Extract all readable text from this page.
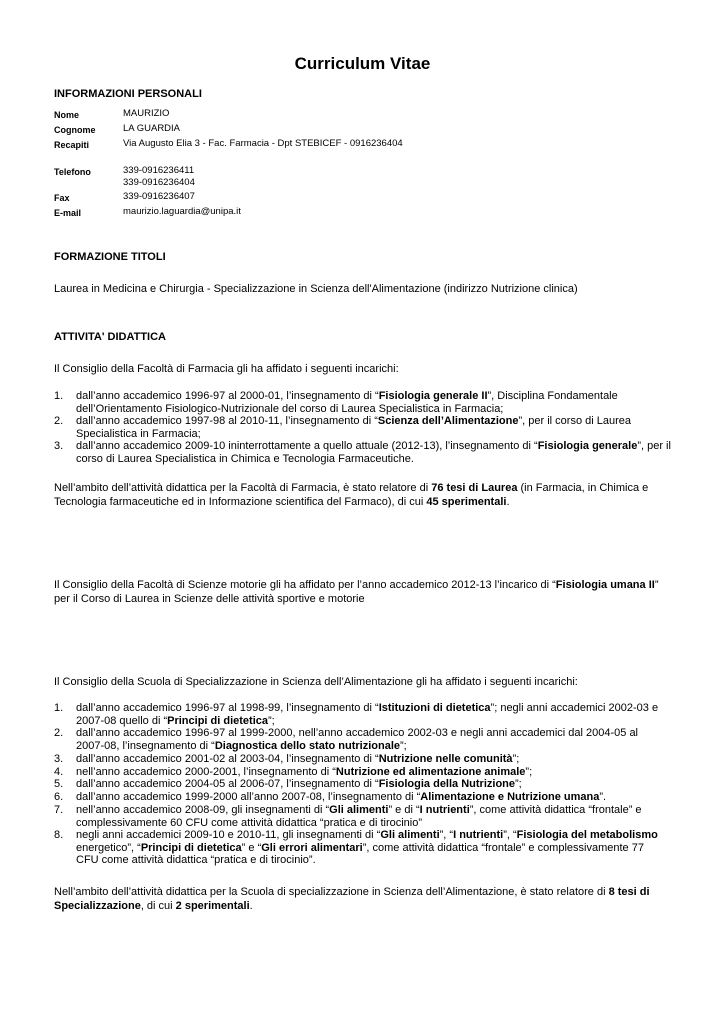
Curriculum Vitae
INFORMAZIONI PERSONALI
Nome	MAURIZIO
Cognome	LA GUARDIA
Recapiti	Via Augusto Elia 3 - Fac. Farmacia - Dpt STEBICEF - 0916236404
Telefono	339-0916236411
339-0916236404
Fax	339-0916236407
E-mail	maurizio.laguardia@unipa.it
FORMAZIONE TITOLI
Laurea in Medicina e Chirurgia - Specializzazione in Scienza dell'Alimentazione (indirizzo Nutrizione clinica)
ATTIVITA' DIDATTICA
Il Consiglio della Facoltà di Farmacia gli ha affidato i seguenti incarichi:
1. dall’anno accademico 1996-97 al 2000-01, l’insegnamento di “Fisiologia generale II”, Disciplina Fondamentale
dell’Orientamento Fisiologico-Nutrizionale del corso di Laurea Specialistica in Farmacia;
2. dall’anno accademico 1997-98 al 2010-11, l’insegnamento di “Scienza dell’Alimentazione”, per il corso di Laurea
Specialistica in Farmacia;
3. dall’anno accademico 2009-10 ininterrottamente a quello attuale (2012-13), l’insegnamento di “Fisiologia generale”, per il
corso di Laurea Specialistica in Chimica e Tecnologia Farmaceutiche.
Nell’ambito dell’attività didattica per la Facoltà di Farmacia, è stato relatore di 76 tesi di Laurea (in Farmacia, in Chimica e
Tecnologia farmaceutiche ed in Informazione scientifica del Farmaco), di cui 45 sperimentali.
Il Consiglio della Facoltà di Scienze motorie gli ha affidato per l’anno accademico 2012-13 l’incarico di “Fisiologia umana II”
per il Corso di Laurea in Scienze delle attività sportive e motorie
Il Consiglio della Scuola di Specializzazione in Scienza dell’Alimentazione gli ha affidato i seguenti incarichi:
1. dall’anno accademico 1996-97 al 1998-99, l’insegnamento di “Istituzioni di dietetica”; negli anni accademici 2002-03 e
2007-08 quello di “Principi di dietetica”;
2. dall’anno accademico 1996-97 al 1999-2000, nell’anno accademico 2002-03 e negli anni accademici dal 2004-05 al
2007-08, l’insegnamento di “Diagnostica dello stato nutrizionale”;
3. dall’anno accademico 2001-02 al 2003-04, l’insegnamento di “Nutrizione nelle comunità”;
4. nell’anno accademico 2000-2001, l’insegnamento di “Nutrizione ed alimentazione animale”;
5. dall’anno accademico 2004-05 al 2006-07, l’insegnamento di “Fisiologia della Nutrizione”;
6. dall’anno accademico 1999-2000 all’anno 2007-08, l’insegnamento di “Alimentazione e Nutrizione umana”.
7. nell’anno accademico 2008-09, gli insegnamenti di “Gli alimenti” e di “I nutrienti”, come attività didattica “frontale” e
complessivamente 60 CFU come attività didattica “pratica e di tirocinio”
8. negli anni accademici 2009-10 e 2010-11, gli insegnamenti di “Gli alimenti”, “I nutrienti”, “Fisiologia del metabolismo
energetico”, “Principi di dietetica” e “Gli errori alimentari”, come attività didattica “frontale” e complessivamente 77
CFU come attività didattica “pratica e di tirocinio”.
Nell’ambito dell’attività didattica per la Scuola di specializzazione in Scienza dell’Alimentazione, è stato relatore di 8 tesi di
Specializzazione, di cui 2 sperimentali.
